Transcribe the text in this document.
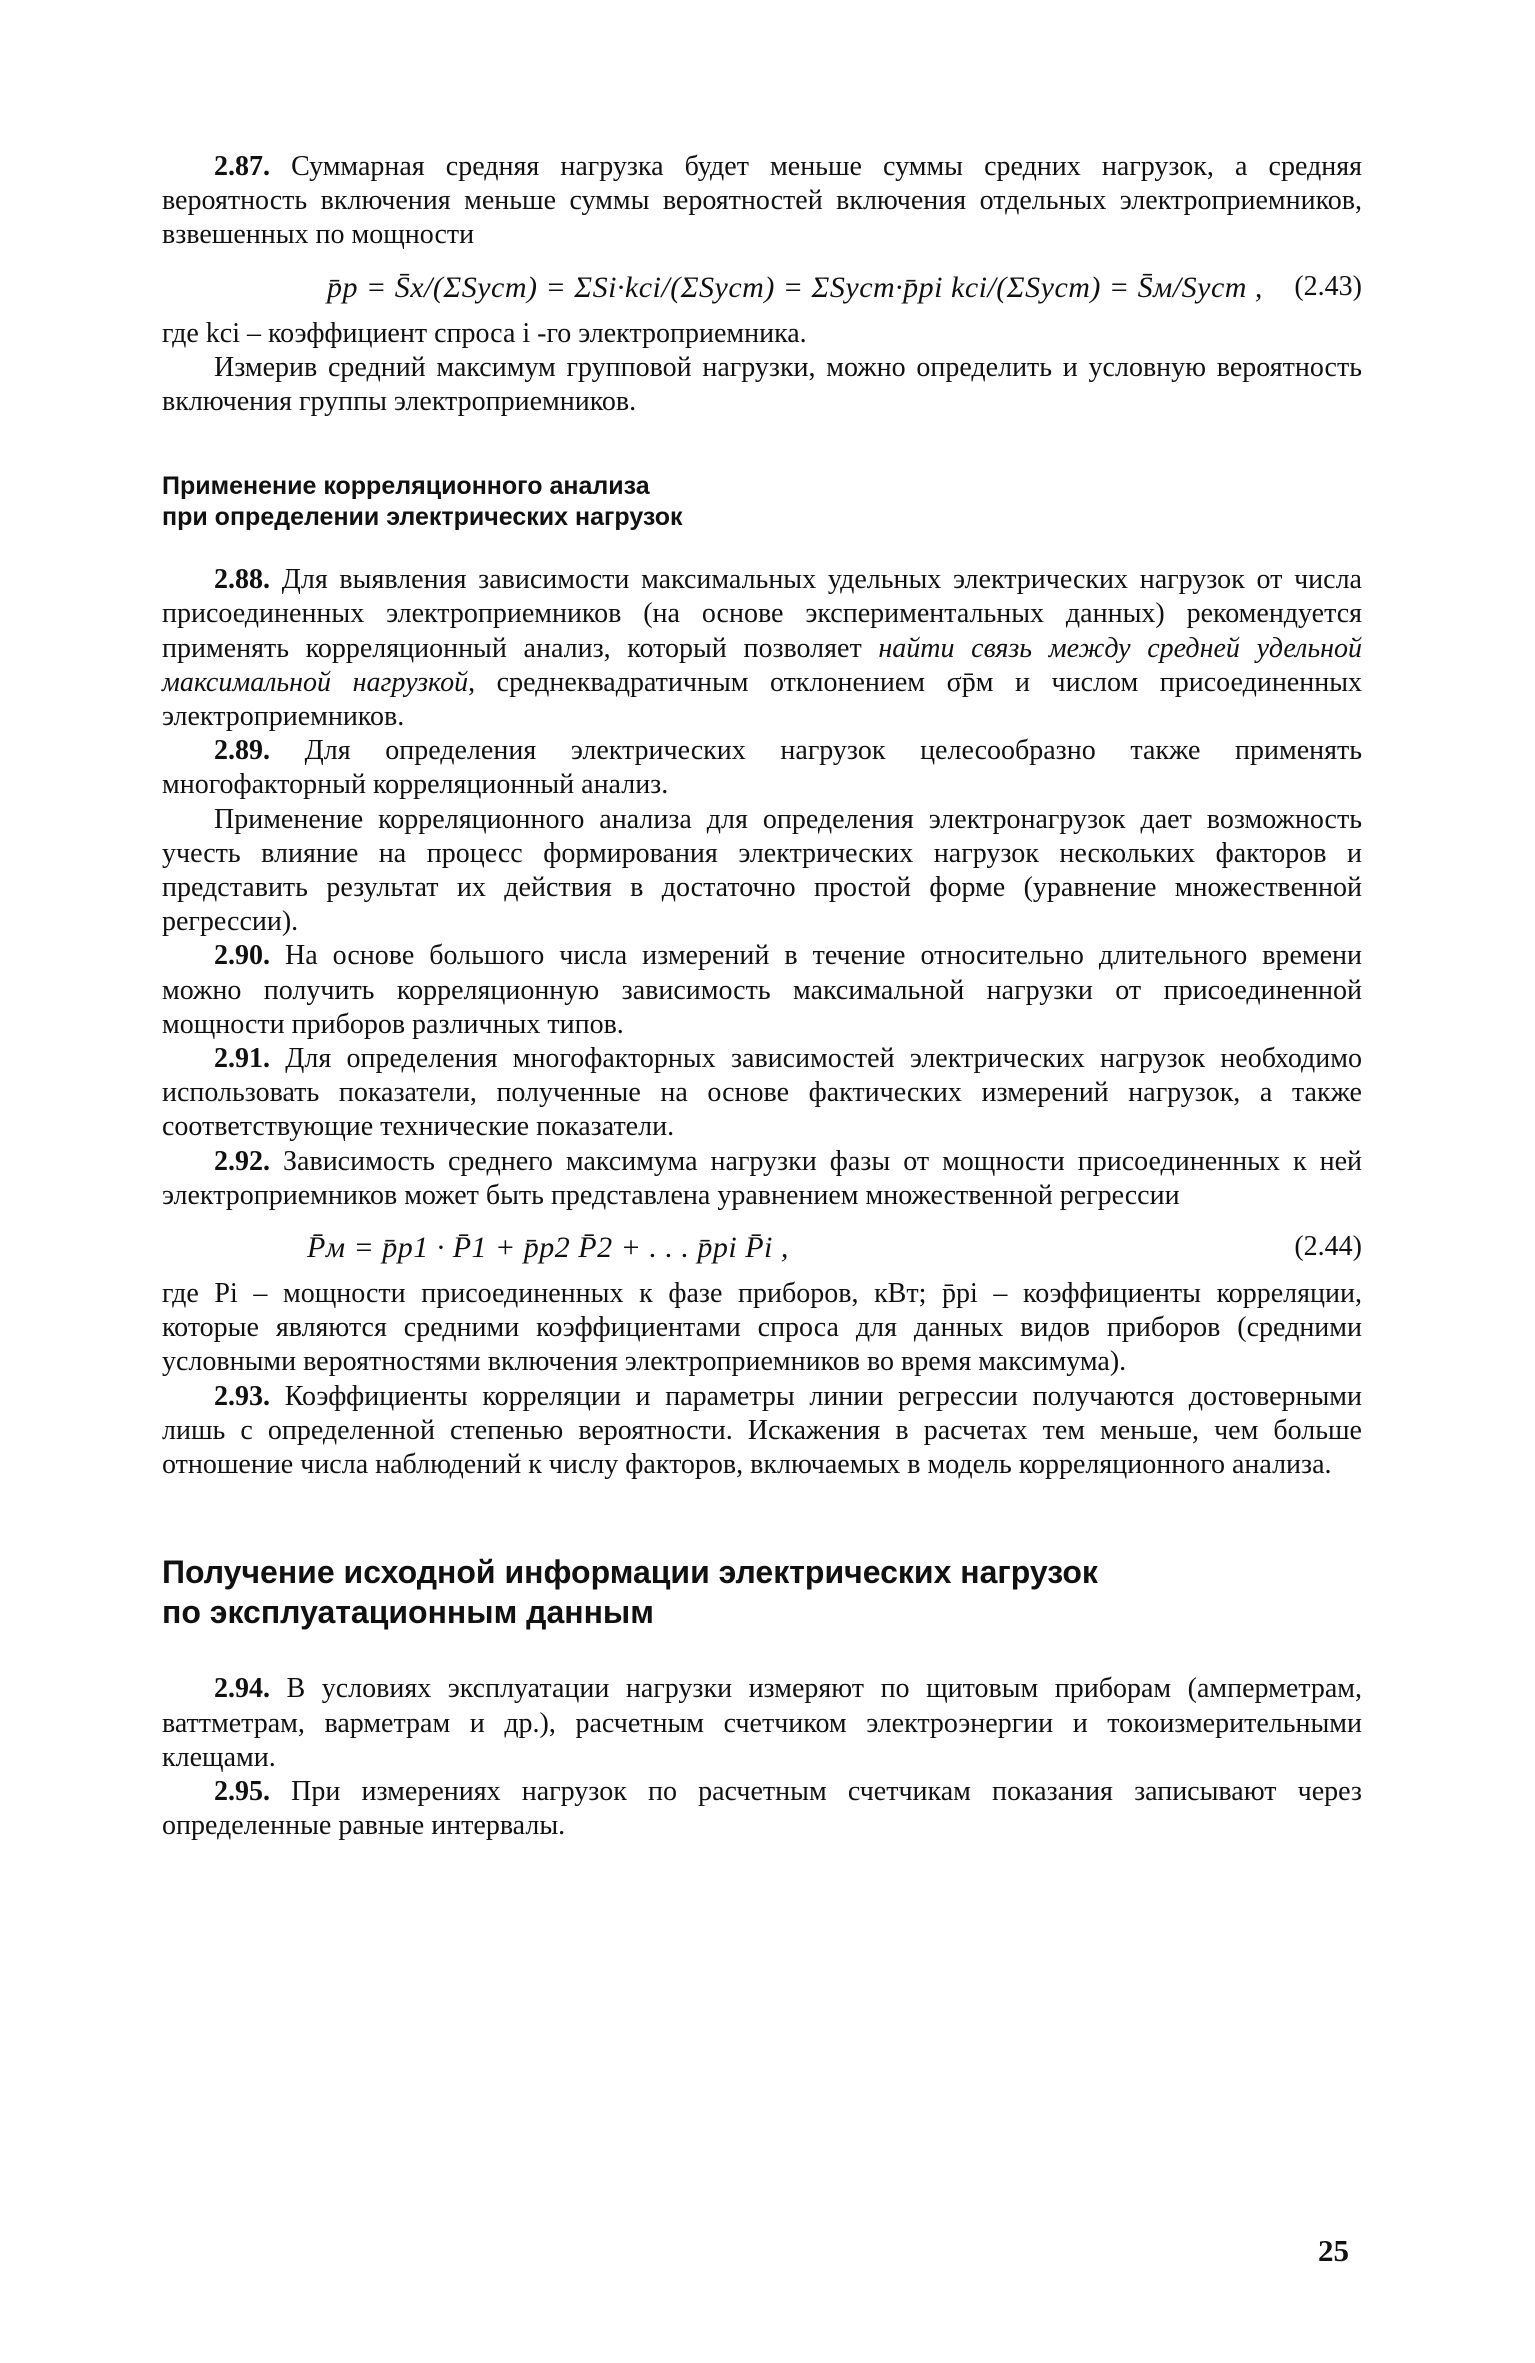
2.87. Суммарная средняя нагрузка будет меньше суммы средних нагрузок, а средняя вероятность включения меньше суммы вероятностей включения отдельных электроприемников, взвешенных по мощности

p̄р = S̄х/(ΣSуст) = ΣSi·kсi/(ΣSуст) = ΣSуст·p̄рi kсi/(ΣSуст) = S̄м/Sуст , (2.43)

где kсi – коэффициент спроса i -го электроприемника.

Измерив средний максимум групповой нагрузки, можно определить и условную вероятность включения группы электроприемников.

Применение корреляционного анализа
при определении электрических нагрузок

2.88. Для выявления зависимости максимальных удельных электрических нагрузок от числа присоединенных электроприемников (на основе экспериментальных данных) рекомендуется применять корреляционный анализ, который позволяет найти связь между средней удельной максимальной нагрузкой, среднеквадратичным отклонением σp̄м и числом присоединенных электроприемников.

2.89. Для определения электрических нагрузок целесообразно также применять многофакторный корреляционный анализ.

Применение корреляционного анализа для определения электронагрузок дает возможность учесть влияние на процесс формирования электрических нагрузок нескольких факторов и представить результат их действия в достаточно простой форме (уравнение множественной регрессии).

2.90. На основе большого числа измерений в течение относительно длительного времени можно получить корреляционную зависимость максимальной нагрузки от присоединенной мощности приборов различных типов.

2.91. Для определения многофакторных зависимостей электрических нагрузок необходимо использовать показатели, полученные на основе фактических измерений нагрузок, а также соответствующие технические показатели.

2.92. Зависимость среднего максимума нагрузки фазы от мощности присоединенных к ней электроприемников может быть представлена уравнением множественной регрессии

P̄м = p̄р1 · P̄1 + p̄р2 P̄2 + . . . p̄рi P̄i ,	(2.44)

где Pi – мощности присоединенных к фазе приборов, кВт; p̄рi – коэффициенты корреляции, которые являются средними коэффициентами спроса для данных видов приборов (средними условными вероятностями включения электроприемников во время максимума).

2.93. Коэффициенты корреляции и параметры линии регрессии получаются достоверными лишь с определенной степенью вероятности. Искажения в расчетах тем меньше, чем больше отношение числа наблюдений к числу факторов, включаемых в модель корреляционного анализа.

Получение исходной информации электрических нагрузок
по эксплуатационным данным

2.94. В условиях эксплуатации нагрузки измеряют по щитовым приборам (амперметрам, ваттметрам, варметрам и др.), расчетным счетчиком электроэнергии и токоизмерительными клещами.

2.95. При измерениях нагрузок по расчетным счетчикам показания записывают через определенные равные интервалы.

25
